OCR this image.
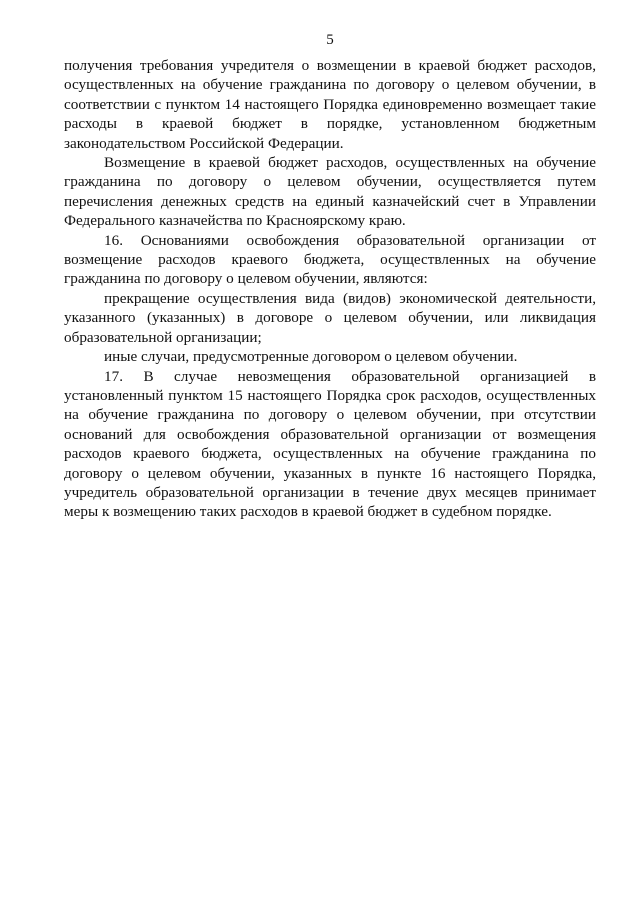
5

получения требования учредителя о возмещении в краевой бюджет расходов, осуществленных на обучение гражданина по договору о целевом обучении, в соответствии с пунктом 14 настоящего Порядка единовременно возмещает такие расходы в краевой бюджет в порядке, установленном бюджетным законодательством Российской Федерации.

Возмещение в краевой бюджет расходов, осуществленных на обучение гражданина по договору о целевом обучении, осуществляется путем перечисления денежных средств на единый казначейский счет в Управлении Федерального казначейства по Красноярскому краю.

16. Основаниями освобождения образовательной организации от возмещение расходов краевого бюджета, осуществленных на обучение гражданина по договору о целевом обучении, являются:

прекращение осуществления вида (видов) экономической деятельности, указанного (указанных) в договоре о целевом обучении, или ликвидация образовательной организации;

иные случаи, предусмотренные договором о целевом обучении.

17. В случае невозмещения образовательной организацией в установленный пунктом 15 настоящего Порядка срок расходов, осуществленных на обучение гражданина по договору о целевом обучении, при отсутствии оснований для освобождения образовательной организации от возмещения расходов краевого бюджета, осуществленных на обучение гражданина по договору о целевом обучении, указанных в пункте 16 настоящего Порядка, учредитель образовательной организации в течение двух месяцев принимает меры к возмещению таких расходов в краевой бюджет в судебном порядке.
